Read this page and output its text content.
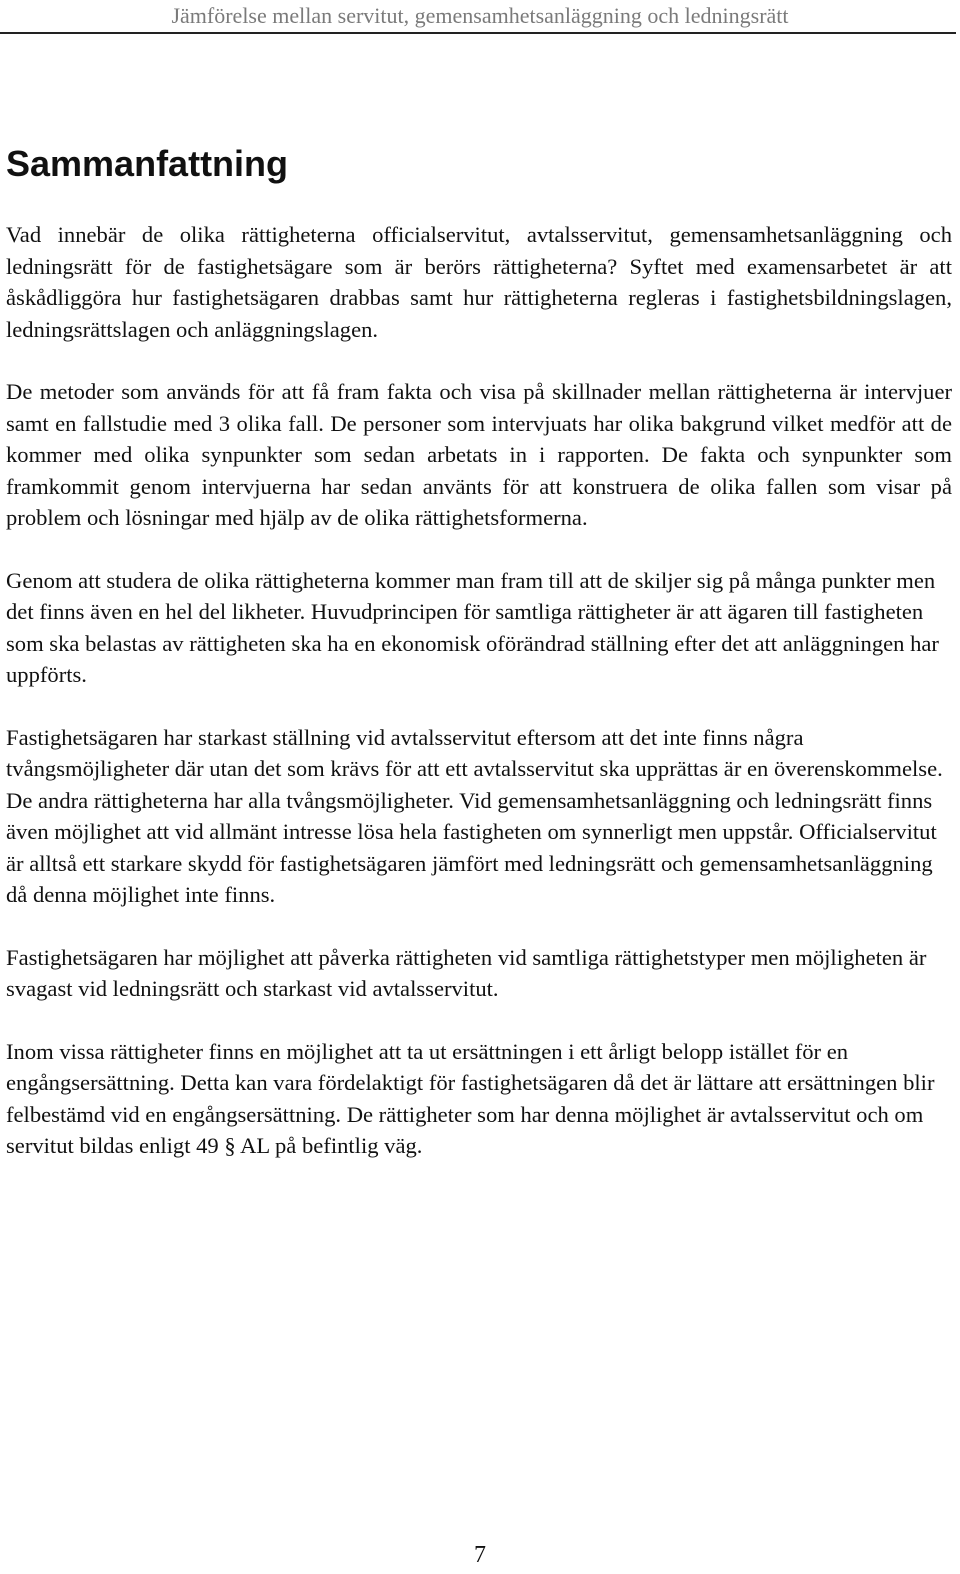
Jämförelse mellan servitut, gemensamhetsanläggning och ledningsrätt
Sammanfattning

Vad innebär de olika rättigheterna officialservitut, avtalsservitut, gemensamhetsanläggning och ledningsrätt för de fastighetsägare som är berörs rättigheterna? Syftet med examensarbetet är att åskådliggöra hur fastighetsägaren drabbas samt hur rättigheterna regleras i fastighetsbildningslagen, ledningsrättslagen och anläggningslagen.

De metoder som används för att få fram fakta och visa på skillnader mellan rättigheterna är intervjuer samt en fallstudie med 3 olika fall. De personer som intervjuats har olika bakgrund vilket medför att de kommer med olika synpunkter som sedan arbetats in i rapporten. De fakta och synpunkter som framkommit genom intervjuerna har sedan använts för att konstruera de olika fallen som visar på problem och lösningar med hjälp av de olika rättighetsformerna.

Genom att studera de olika rättigheterna kommer man fram till att de skiljer sig på många punkter men det finns även en hel del likheter. Huvudprincipen för samtliga rättigheter är att ägaren till fastigheten som ska belastas av rättigheten ska ha en ekonomisk oförändrad ställning efter det att anläggningen har uppförts.

Fastighetsägaren har starkast ställning vid avtalsservitut eftersom att det inte finns några tvångsmöjligheter där utan det som krävs för att ett avtalsservitut ska upprättas är en överenskommelse. De andra rättigheterna har alla tvångsmöjligheter. Vid gemensamhetsanläggning och ledningsrätt finns även möjlighet att vid allmänt intresse lösa hela fastigheten om synnerligt men uppstår. Officialservitut är alltså ett starkare skydd för fastighetsägaren jämfört med ledningsrätt och gemensamhetsanläggning då denna möjlighet inte finns.

Fastighetsägaren har möjlighet att påverka rättigheten vid samtliga rättighetstyper men möjligheten är svagast vid ledningsrätt och starkast vid avtalsservitut.

Inom vissa rättigheter finns en möjlighet att ta ut ersättningen i ett årligt belopp istället för en engångsersättning. Detta kan vara fördelaktigt för fastighetsägaren då det är lättare att ersättningen blir felbestämd vid en engångsersättning. De rättigheter som har denna möjlighet är avtalsservitut och om servitut bildas enligt 49 § AL på befintlig väg.

7
